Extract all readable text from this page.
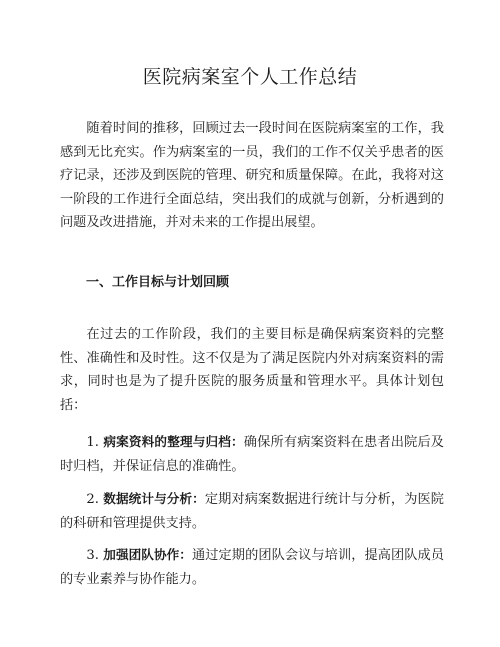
医院病案室个人工作总结

随着时间的推移，回顾过去一段时间在医院病案室的工作，我感到无比充实。作为病案室的一员，我们的工作不仅关乎患者的医疗记录，还涉及到医院的管理、研究和质量保障。在此，我将对这一阶段的工作进行全面总结，突出我们的成就与创新，分析遇到的问题及改进措施，并对未来的工作提出展望。

一、工作目标与计划回顾

在过去的工作阶段，我们的主要目标是确保病案资料的完整性、准确性和及时性。这不仅是为了满足医院内外对病案资料的需求，同时也是为了提升医院的服务质量和管理水平。具体计划包括：

1. 病案资料的整理与归档：确保所有病案资料在患者出院后及时归档，并保证信息的准确性。

2. 数据统计与分析：定期对病案数据进行统计与分析，为医院的科研和管理提供支持。

3. 加强团队协作：通过定期的团队会议与培训，提高团队成员的专业素养与协作能力。
